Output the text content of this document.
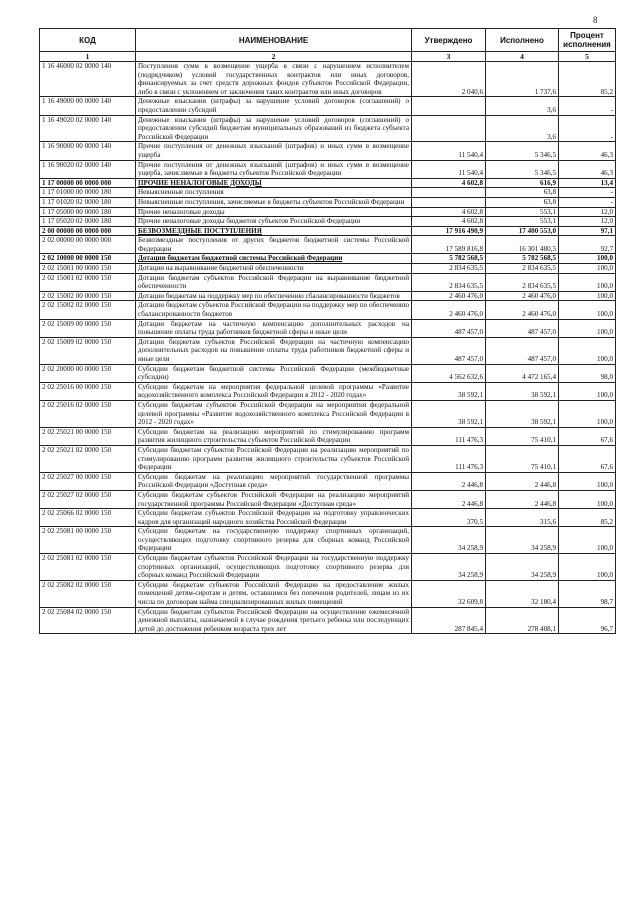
8
КОД	НАИМЕНОВАНИЕ	Утверждено	Исполнено	Процент исполнения
1	2	3	4	5
1 16 46000 02 0000 140	Поступления сумм в возмещение ущерба в связи с нарушением исполнителем (подрядчиком) условий государственных контрактов или иных договоров, финансируемых за счет средств дорожных фондов субъектов Российской Федерации, либо в связи с уклонением от заключения таких контрактов или иных договоров	2 040,6	1 737,6	85,2
1 16 49000 00 0000 140	Денежные взыскания (штрафы) за нарушение условий договоров (соглашений) о предоставлении субсидий		3,6	-
1 16 49020 02 0000 140	Денежные взыскания (штрафы) за нарушение условий договоров (соглашений) о предоставлении субсидий бюджетам муниципальных образований из бюджета субъекта Российской Федерации		3,6	-
1 16 90000 00 0000 140	Прочие поступления от денежных взысканий (штрафов) и иных сумм в возмещение ущерба	11 540,4	5 346,5	46,3
1 16 90020 02 0000 140	Прочие поступления от денежных взысканий (штрафов) и иных сумм в возмещение ущерба, зачисляемые в бюджеты субъектов Российской Федерации	11 540,4	5 346,5	46,3
1 17 00000 00 0000 000	ПРОЧИЕ НЕНАЛОГОВЫЕ ДОХОДЫ	4 602,8	616,9	13,4
1 17 01000 00 0000 180	Невыясненные поступления		63,8	-
1 17 01020 02 0000 180	Невыясненные поступления, зачисляемые в бюджеты субъектов Российской Федерации		63,8	-
1 17 05000 00 0000 180	Прочие неналоговые доходы	4 602,8	553,1	12,0
1 17 05020 02 0000 180	Прочие неналоговые доходы бюджетов субъектов Российской Федерации	4 602,8	553,1	12,0
2 00 00000 00 0000 000	БЕЗВОЗМЕЗДНЫЕ ПОСТУПЛЕНИЯ	17 916 490,9	17 400 553,0	97,1
2 02 00000 00 0000 000	Безвозмездные поступления от других бюджетов бюджетной системы Российской Федерации	17 589 816,8	16 301 480,5	92,7
2 02 10000 00 0000 150	Дотации бюджетам бюджетной системы Российской Федерации	5 782 568,5	5 782 568,5	100,0
2 02 15001 00 0000 150	Дотации на выравнивание бюджетной обеспеченности	2 834 635,5	2 834 635,5	100,0
2 02 15001 02 0000 150	Дотации бюджетам субъектов Российской Федерации на выравнивание бюджетной обеспеченности	2 834 635,5	2 834 635,5	100,0
2 02 15002 00 0000 150	Дотации бюджетам на поддержку мер по обеспечению сбалансированности бюджетов	2 460 476,0	2 460 476,0	100,0
2 02 15002 02 0000 150	Дотации бюджетам субъектов Российской Федерации на поддержку мер по обеспечению сбалансированности бюджетов	2 460 476,0	2 460 476,0	100,0
2 02 15009 00 0000 150	Дотации бюджетам на частичную компенсацию дополнительных расходов на повышение оплаты труда работников бюджетной сферы и иные цели	487 457,0	487 457,0	100,0
2 02 15009 02 0000 150	Дотации бюджетам субъектов Российской Федерации на частичную компенсацию дополнительных расходов на повышение оплаты труда работников бюджетной сферы и иные цели	487 457,0	487 457,0	100,0
2 02 20000 00 0000 150	Субсидии бюджетам бюджетной системы Российской Федерации (межбюджетные субсидии)	4 562 632,6	4 472 165,4	98,0
2 02 25016 00 0000 150	Субсидии бюджетам на мероприятия федеральной целевой программы «Развитие водохозяйственного комплекса Российской Федерации в 2012 - 2020 годах»	38 592,1	38 592,1	100,0
2 02 25016 02 0000 150	Субсидии бюджетам субъектов Российской Федерации на мероприятия федеральной целевой программы «Развитие водохозяйственного комплекса Российской Федерации в 2012 - 2020 годах»	38 592,1	38 592,1	100,0
2 02 25021 00 0000 150	Субсидии бюджетам на реализацию мероприятий по стимулированию программ развития жилищного строительства субъектов Российской Федерации	111 476,3	75 410,1	67,6
2 02 25021 02 0000 150	Субсидии бюджетам субъектов Российской Федерации на реализацию мероприятий по стимулированию программ развития жилищного строительства субъектов Российской Федерации	111 476,3	75 410,1	67,6
2 02 25027 00 0000 150	Субсидии бюджетам на реализацию мероприятий государственной программы Российской Федерации «Доступная среда»	2 446,8	2 446,8	100,0
2 02 25027 02 0000 150	Субсидии бюджетам субъектов Российской Федерации на реализацию мероприятий государственной программы Российской Федерации «Доступная среда»	2 446,8	2 446,8	100,0
2 02 25066 02 0000 150	Субсидии бюджетам субъектов Российской Федерации на подготовку управленческих кадров для организаций народного хозяйства Российской Федерации	370,5	315,6	85,2
2 02 25081 00 0000 150	Субсидии бюджетам на государственную поддержку спортивных организаций, осуществляющих подготовку спортивного резерва для сборных команд Российской Федерации	34 258,9	34 258,9	100,0
2 02 25081 02 0000 150	Субсидии бюджетам субъектов Российской Федерации на государственную поддержку спортивных организаций, осуществляющих подготовку спортивного резерва для сборных команд Российской Федерации	34 258,9	34 258,9	100,0
2 02 25082 02 0000 150	Субсидии бюджетам субъектов Российской Федерации на предоставление жилых помещений детям-сиротам и детям, оставшимся без попечения родителей, лицам из их числа по договорам найма специализированных жилых помещений	32 609,8	32 180,4	98,7
2 02 25084 02 0000 150	Субсидии бюджетам субъектов Российской Федерации на осуществление ежемесячной денежной выплаты, назначаемой в случае рождения третьего ребенка или последующих детей до достижения ребенком возраста трех лет	287 845,4	278 408,1	96,7
